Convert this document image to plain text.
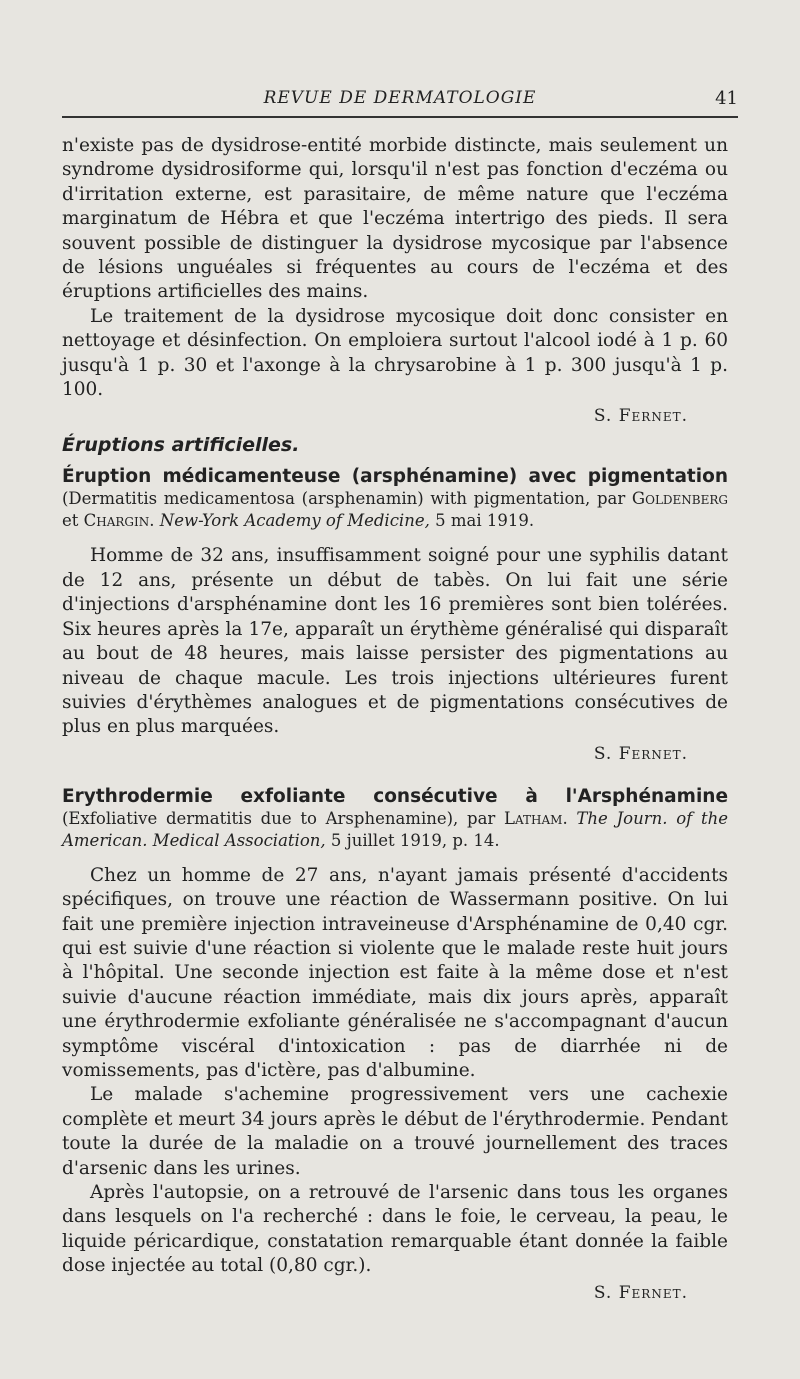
REVUE DE DERMATOLOGIE	41

n'existe pas de dysidrose-entité morbide distincte, mais seulement un syndrome dysidrosiforme qui, lorsqu'il n'est pas fonction d'eczéma ou d'irritation externe, est parasitaire, de même nature que l'eczéma marginatum de Hébra et que l'eczéma intertrigo des pieds. Il sera souvent possible de distinguer la dysidrose mycosique par l'absence de lésions unguéales si fréquentes au cours de l'eczéma et des éruptions artificielles des mains.

Le traitement de la dysidrose mycosique doit donc consister en nettoyage et désinfection. On emploiera surtout l'alcool iodé à 1 p. 60 jusqu'à 1 p. 30 et l'axonge à la chrysarobine à 1 p. 300 jusqu'à 1 p. 100.

S. Fernet.
Éruptions artificielles.
Éruption médicamenteuse (arsphénamine) avec pigmentation (Dermatitis medicamentosa (arsphenamin) with pigmentation, par Goldenberg et Chargin. New-York Academy of Medicine, 5 mai 1919.

Homme de 32 ans, insuffisamment soigné pour une syphilis datant de 12 ans, présente un début de tabès. On lui fait une série d'injections d'arsphénamine dont les 16 premières sont bien tolérées. Six heures après la 17e, apparaît un érythème généralisé qui disparaît au bout de 48 heures, mais laisse persister des pigmentations au niveau de chaque macule. Les trois injections ultérieures furent suivies d'érythèmes analogues et de pigmentations consécutives de plus en plus marquées.

S. Fernet.
Erythrodermie exfoliante consécutive à l'Arsphénamine (Exfoliative dermatitis due to Arsphenamine), par Latham. The Journ. of the American. Medical Association, 5 juillet 1919, p. 14.

Chez un homme de 27 ans, n'ayant jamais présenté d'accidents spécifiques, on trouve une réaction de Wassermann positive. On lui fait une première injection intraveineuse d'Arsphénamine de 0,40 cgr. qui est suivie d'une réaction si violente que le malade reste huit jours à l'hôpital. Une seconde injection est faite à la même dose et n'est suivie d'aucune réaction immédiate, mais dix jours après, apparaît une érythrodermie exfoliante généralisée ne s'accompagnant d'aucun symptôme viscéral d'intoxication : pas de diarrhée ni de vomissements, pas d'ictère, pas d'albumine.

Le malade s'achemine progressivement vers une cachexie complète et meurt 34 jours après le début de l'érythrodermie. Pendant toute la durée de la maladie on a trouvé journellement des traces d'arsenic dans les urines.

Après l'autopsie, on a retrouvé de l'arsenic dans tous les organes dans lesquels on l'a recherché : dans le foie, le cerveau, la peau, le liquide péricardique, constatation remarquable étant donnée la faible dose injectée au total (0,80 cgr.).

S. Fernet.
